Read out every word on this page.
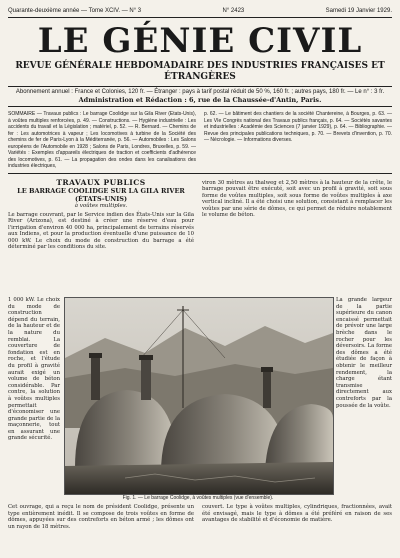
Quarante-deuxième année — Tome XCIV. — N° 3	N° 2423	Samedi 19 Janvier 1929.
LE GÉNIE CIVIL
REVUE GÉNÉRALE HEBDOMADAIRE DES INDUSTRIES FRANÇAISES ET ÉTRANGÈRES
Abonnement annuel : France et Colonies, 120 fr. — Étranger : pays à tarif postal réduit de 50 %, 160 fr. ; autres pays, 180 fr. — Le n° : 3 fr.
Administration et Rédaction : 6, rue de la Chaussée-d'Antin, Paris.
SOMMAIRE — Travaux publics : Le barrage Coolidge sur la Gila River (Etats-Unis), à voûtes multiples renforcées, p. 49. — Constructions. — Hygiène industrielle : Les accidents du travail et la Législation ; matériel, p. 52. — R. Bernard. — Chemins de fer : Les automotrices à vapeur ; Les locomotives à turbine de la Société des chemins de fer de Paris-Lyon à la Méditerranée, p. 56. — Automobiles : Les Salons européens de l'Automobile en 1928 ; Salons de Paris, Londres, Bruxelles, p. 59. — Variétés : Exemples d'appareils électriques de traction et coefficients d'adhérence des locomotives, p. 61. — La propagation des ondes dans les canalisations des industries électriques,
p. 62. — Le bâtiment des chantiers de la société Chantereine, à Bourges, p. 63. — Les VIe Congrès national des Travaux publics français, p. 64. — Sociétés savantes et industrielles : Académie des Sciences (7 janvier 1929), p. 64. — Bibliographie. — Revue des principales publications techniques, p. 70. — Brevets d'invention, p. 70. — Nécrologie. — Informations diverses.
TRAVAUX PUBLICS
LE BARRAGE COOLIDGE SUR LA GILA RIVER (ÉTATS-UNIS)
à voûtes multiples.
Le barrage couvrant, par le Service indien des États-Unis sur la Gila River (Arizona), est destiné à créer une réserve d'eau pour l'irrigation d'environ 40 000 ha, principalement de terrains réservés aux Indiens, et pour la production éventuelle d'une puissance de 10 000 kW. Le choix du mode de construction du barrage a été déterminé par les conditions du site.
viron 30 mètres au thalweg et 2,50 mètres à la hauteur de la crête, le barrage pouvait être exécuté, soit avec un profil à gravité, soit sous forme de voûtes multiples, soit sous forme de voûtes multiples à axe vertical incliné. Il a été choisi une solution, consistant à remplacer les voûtes par une série de dômes, ce qui permet de réduire notablement le volume de béton.
1 000 kW. Le choix du mode de construction dépend du terrain, de la hauteur et de la nature du remblai. La couverture de fondation est en roche, et l'étude du profil à gravité aurait exigé un volume de béton considérable. Par contre, la solution à voûtes multiples permettait d'économiser une grande partie de la maçonnerie, tout en assurant une grande sécurité.
Fig. 1. — Le barrage Coolidge, à voûtes multiples (vue d'ensemble).
La grande largeur de la partie supérieure du canon encaissé permettait de prévoir une large brèche dans le rocher pour les déversoirs. La forme des dômes a été étudiée de façon à obtenir le meilleur rendement, la charge étant transmise directement aux contreforts par la poussée de la voûte.
Cet ouvrage, qui a reçu le nom de président Coolidge, présente un type entièrement inédit. Il se compose de trois voûtes en forme de dômes, appuyées sur des contreforts en béton armé ; les dômes ont un rayon de 18 mètres.
couvert. Le type à voûtes multiples, cylindriques, fractionnées, avait été envisagé, mais le type à dômes a été préféré en raison de ses avantages de stabilité et d'économie de matière.
